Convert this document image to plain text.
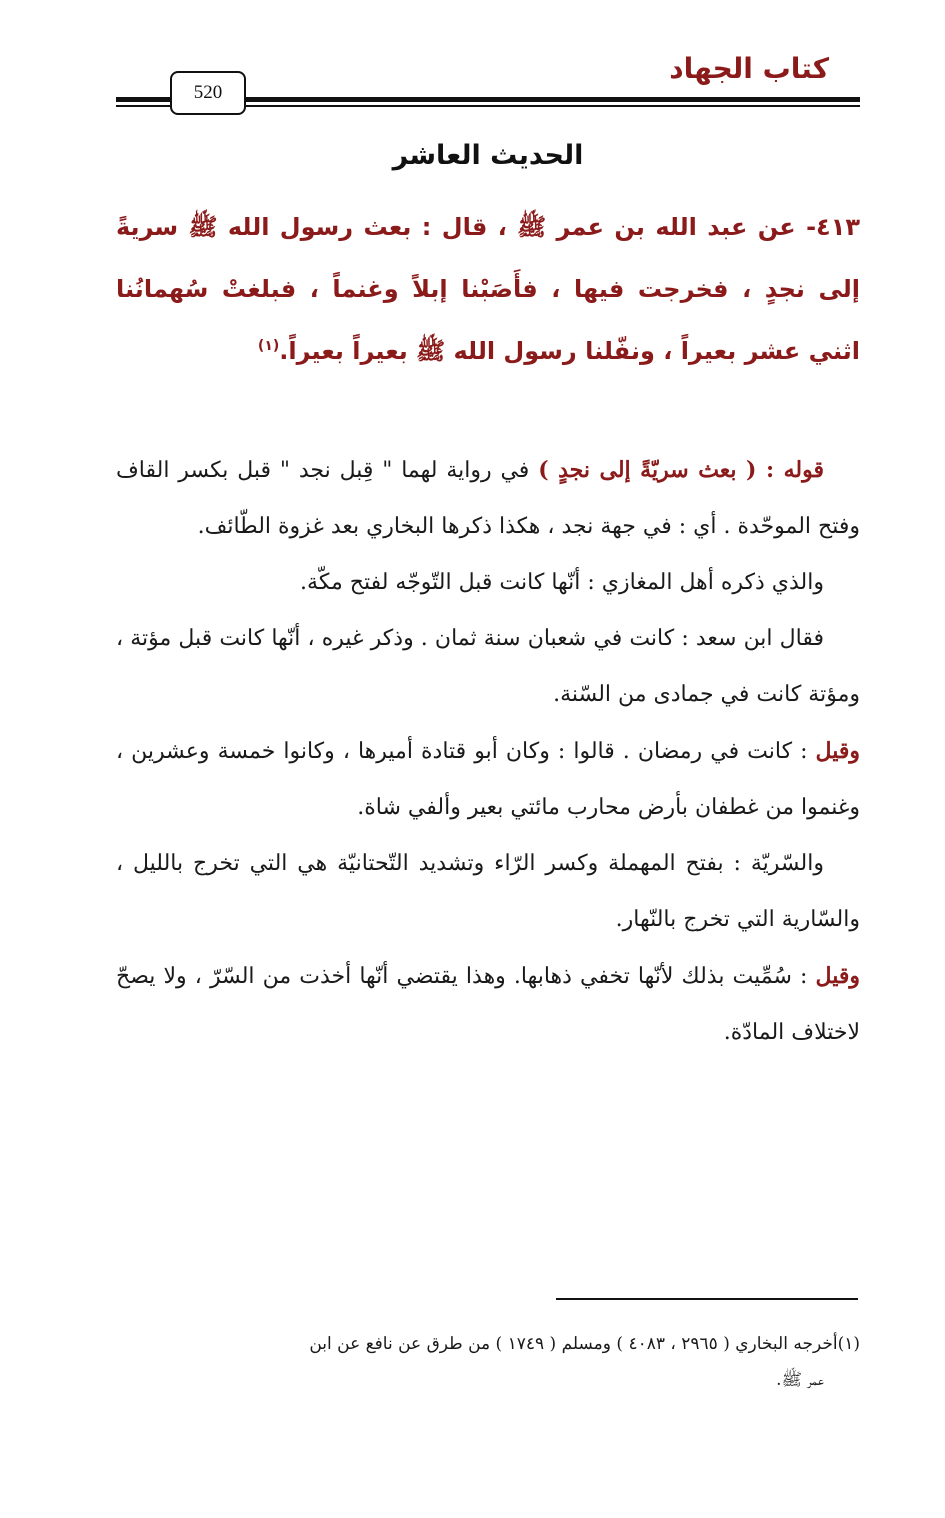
كتاب الجهاد
520
الحديث العاشر
٤١٣- عن عبد الله بن عمر ﷺ ، قال : بعث رسول الله ﷺ سريةً إلى نجدٍ ، فخرجت فيها ، فأَصَبْنا إبلاً وغنماً ، فبلغتْ سُهمانُنا اثني عشر بعيراً ، ونفّلنا رسول الله ﷺ بعيراً بعيراً.$^{(١)}$

قوله : ( بعث سريّةً إلى نجدٍ ) في رواية لهما " قِبل نجد " قبل بكسر القاف وفتح الموحّدة . أي : في جهة نجد ، هكذا ذكرها البخاري بعد غزوة الطّائف.

والذي ذكره أهل المغازي : أنّها كانت قبل التّوجّه لفتح مكّة.

فقال ابن سعد : كانت في شعبان سنة ثمان . وذكر غيره ، أنّها كانت قبل مؤتة ، ومؤتة كانت في جمادى من السّنة.

وقيل : كانت في رمضان . قالوا : وكان أبو قتادة أميرها ، وكانوا خمسة وعشرين ، وغنموا من غطفان بأرض محارب مائتي بعير وألفي شاة.

والسّريّة : بفتح المهملة وكسر الرّاء وتشديد التّحتانيّة هي التي تخرج بالليل ، والسّارية التي تخرج بالنّهار.

وقيل : سُمِّيت بذلك لأنّها تخفي ذهابها. وهذا يقتضي أنّها أخذت من السّرّ ، ولا يصحّ لاختلاف المادّة.

(١)أخرجه البخاري ( ٢٩٦٥ ، ٤٠٨٣ ) ومسلم ( ١٧٤٩ ) من طرق عن نافع عن ابن
عمر ﷺ.
